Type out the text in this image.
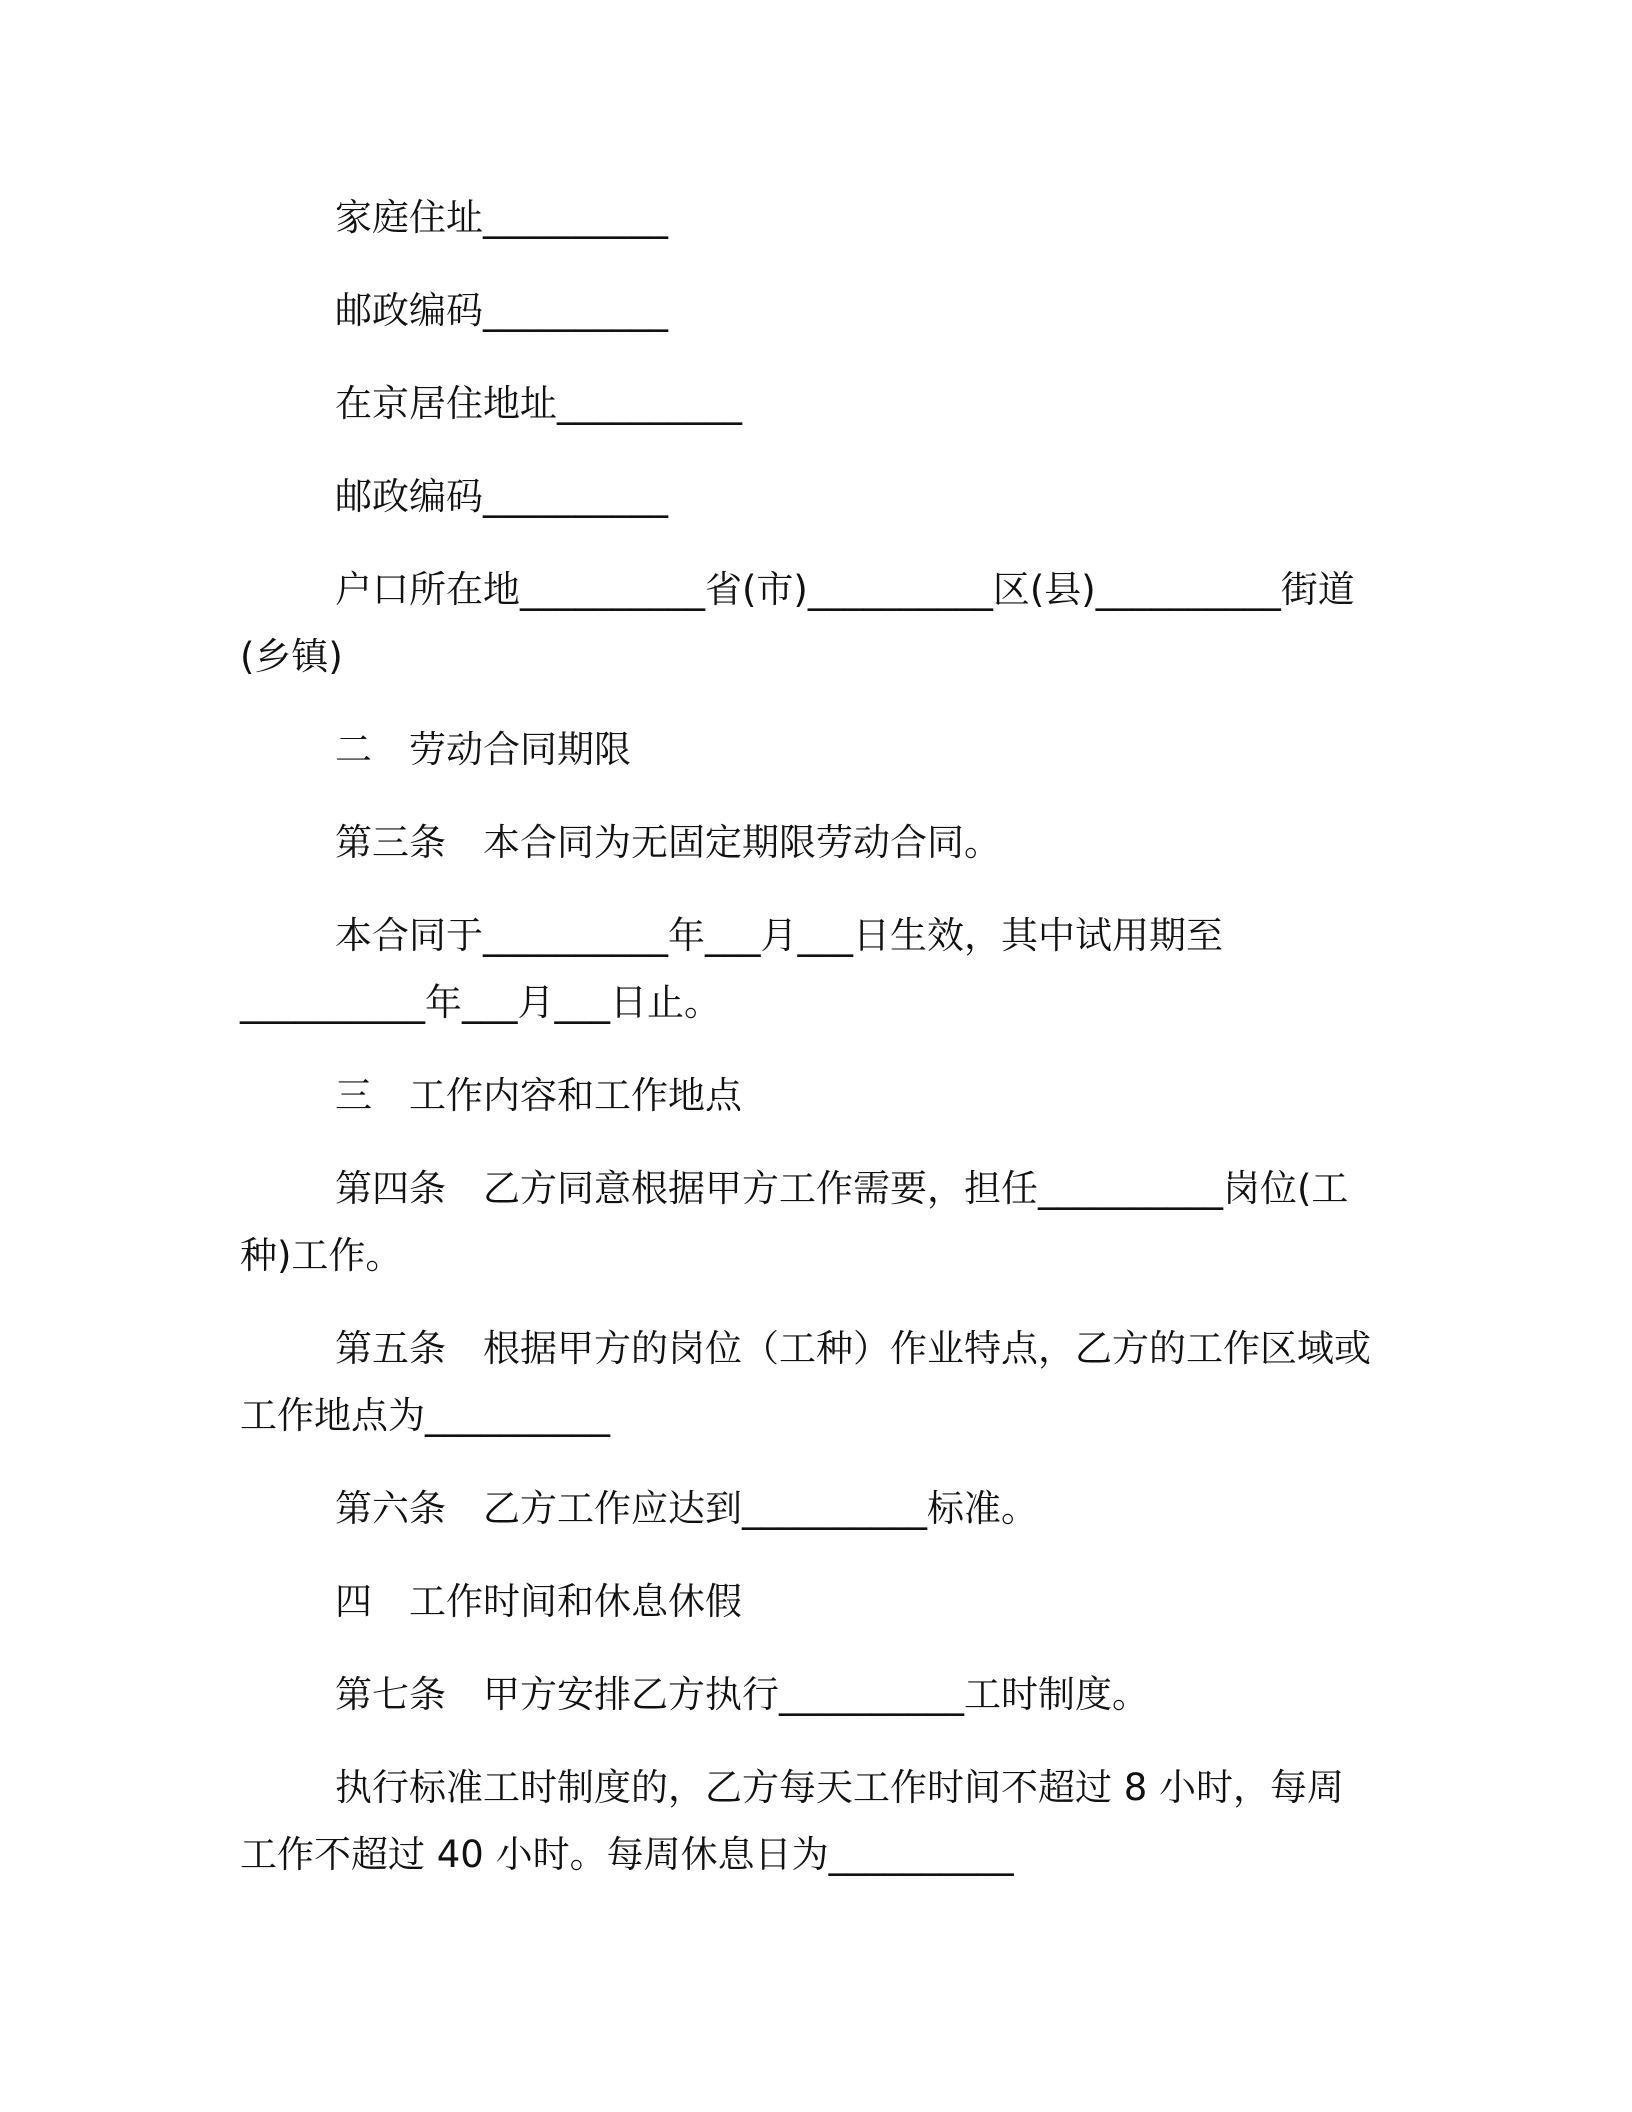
家庭住址__________

邮政编码__________

在京居住地址__________

邮政编码__________

户口所在地__________省(市)__________区(县)__________街道(乡镇)

二　劳动合同期限

第三条　本合同为无固定期限劳动合同。

本合同于__________年___月___日生效，其中试用期至__________年___月___日止。

三　工作内容和工作地点

第四条　乙方同意根据甲方工作需要，担任__________岗位(工种)工作。

第五条　根据甲方的岗位（工种）作业特点，乙方的工作区域或工作地点为__________

第六条　乙方工作应达到__________标准。

四　工作时间和休息休假

第七条　甲方安排乙方执行__________工时制度。

执行标准工时制度的，乙方每天工作时间不超过 8 小时，每周工作不超过 40 小时。每周休息日为__________
